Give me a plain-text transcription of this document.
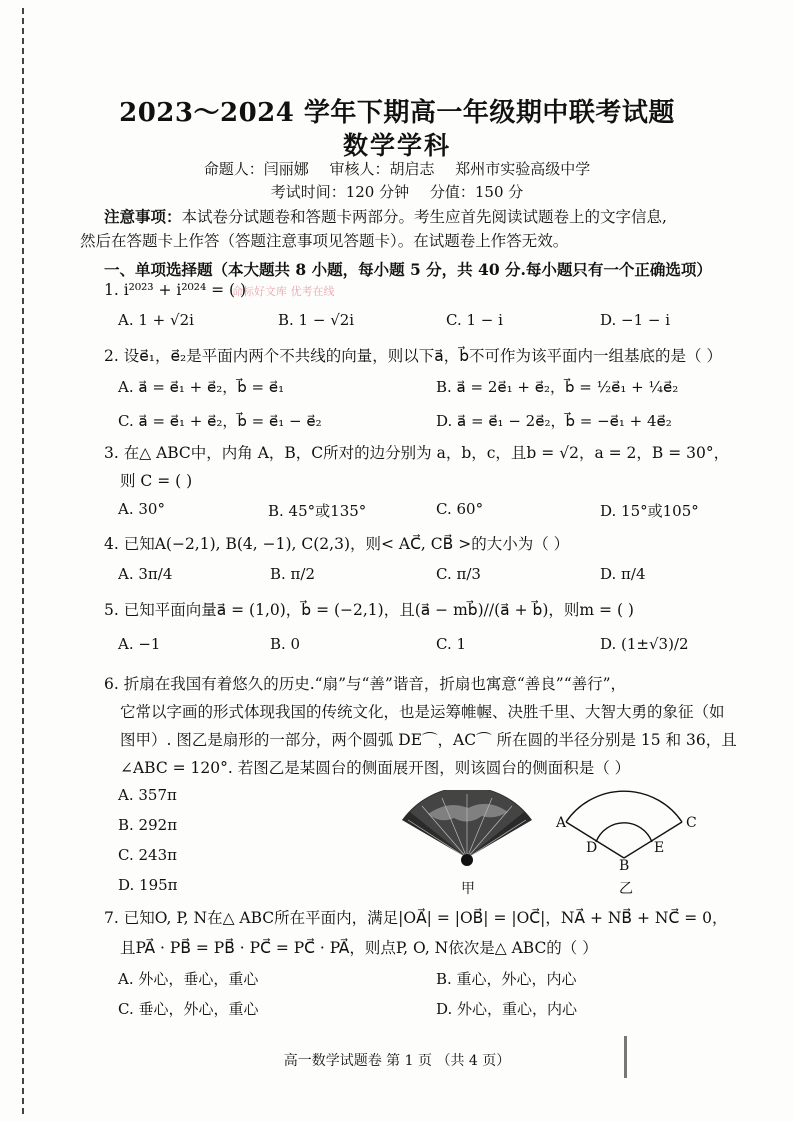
2023～2024 学年下期高一年级期中联考试题
数学学科
命题人：闫丽娜 审核人：胡启志 郑州市实验高级中学
考试时间：120 分钟 分值：150 分
注意事项：本试卷分试题卷和答题卡两部分。考生应首先阅读试题卷上的文字信息,
然后在答题卡上作答（答题注意事项见答题卡）。在试题卷上作答无效。
一、单项选择题（本大题共 8 小题，每小题 5 分，共 40 分.每小题只有一个正确选项）
命标好文库 优考在线
1. i²⁰²³ + i²⁰²⁴ = ( )
A. 1 + √2i	B. 1 − √2i	C. 1 − i	D. −1 − i
2. 设e⃗₁，e⃗₂是平面内两个不共线的向量，则以下a⃗，b⃗不可作为该平面内一组基底的是（ ）
A. a⃗ = e⃗₁ + e⃗₂，b⃗ = e⃗₁	B. a⃗ = 2e⃗₁ + e⃗₂，b⃗ = ½e⃗₁ + ¼e⃗₂
C. a⃗ = e⃗₁ + e⃗₂，b⃗ = e⃗₁ − e⃗₂	D. a⃗ = e⃗₁ − 2e⃗₂，b⃗ = −e⃗₁ + 4e⃗₂
3. 在△ ABC中，内角 A，B，C所对的边分别为 a，b，c，且b = √2，a = 2，B = 30°，
则 C = ( )
A. 30°	B. 45°或135°	C. 60°	D. 15°或105°
4. 已知A(−2,1), B(4, −1), C(2,3)，则< AC⃗, CB⃗ >的大小为（ ）
A. 3π/4	B. π/2	C. π/3	D. π/4
5. 已知平面向量a⃗ = (1,0)，b⃗ = (−2,1)，且(a⃗ − mb⃗)//(a⃗ + b⃗)，则m = ( )
A. −1	B. 0	C. 1	D. (1±√3)/2
6. 折扇在我国有着悠久的历史.“扇”与“善”谐音，折扇也寓意“善良”“善行”，
它常以字画的形式体现我国的传统文化，也是运筹帷幄、决胜千里、大智大勇的象征（如
图甲）. 图乙是扇形的一部分，两个圆弧 DE⌒，AC⌒ 所在圆的半径分别是 15 和 36，且
∠ABC = 120°. 若图乙是某圆台的侧面展开图，则该圆台的侧面积是（ ）
A. 357π
B. 292π
C. 243π
D. 195π	甲
A	C
D	E
B
乙
7. 已知O, P, N在△ ABC所在平面内，满足|OA⃗| = |OB⃗| = |OC⃗|，NA⃗ + NB⃗ + NC⃗ = 0，
且PA⃗ · PB⃗ = PB⃗ · PC⃗ = PC⃗ · PA⃗，则点P, O, N依次是△ ABC的（ ）
A. 外心，垂心，重心	B. 重心，外心，内心
C. 垂心，外心，重心	D. 外心，重心，内心
高一数学试题卷 第 1 页 （共 4 页）
